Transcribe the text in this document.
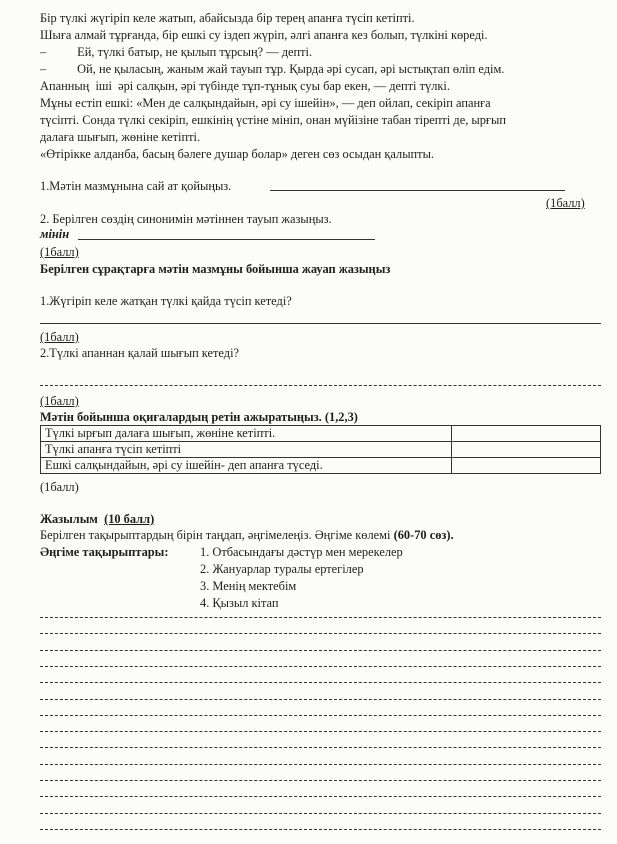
Бір түлкі жүгіріп келе жатып, абайсызда бір терең апанға түсіп кетіпті.
Шыға алмай тұрғанда, бір ешкі су іздеп жүріп, әлгі апанға кез болып, түлкіні көреді.
–          Ей, түлкі батыр, не қылып тұрсың? — депті.
–          Ой, не қыласың, жаным жай тауып тұр. Қырда әрі сусап, әрі ыстықтап өліп едім.
Апанның  іші  әрі салқын, әрі түбінде тұп-тұнық суы бар екен, — депті түлкі.
Мұны естіп ешкі: «Мен де салқындайын, әрі су ішейін», — деп ойлап, секіріп апанға
түсіпті. Сонда түлкі секіріп, ешкінің үстіне мініп, онан мүйізіне табан тірепті де, ырғып
далаға шығып, жөніне кетіпті.
«Өтірікке алданба, басың бәлеге душар болар» деген сөз осыдан қалыпты.
1.Мәтін мазмұнына сай ат қойыңыз.
(1балл)
2. Берілген сөздің синонимін мәтіннен тауып жазыңыз.
мінін
(1балл)
Берілген сұрақтарға мәтін мазмұны бойынша жауап жазыңыз
1.Жүгіріп келе жатқан түлкі қайда түсіп кетеді?
(1балл)
2.Түлкі апаннан қалай шығып кетеді?
(1балл)
Мәтін бойынша оқиғалардың ретін ажыратыңыз. (1,2,3)
Түлкі ырғып далаға шығып, жөніне кетіпті.	
Түлкі апанға түсіп кетіпті	
Ешкі салқындайын, әрі су ішейін- деп апанға түседі.	
(1балл)
Жазылым (10 балл)
Берілген тақырыптардың бірін таңдап, әңгімелеңіз. Әңгіме көлемі (60-70 сөз).
Әңгіме тақырыптары:	1. Отбасындағы дәстүр мен мерекелер
2. Жануарлар туралы ертегілер
3. Менің мектебім
4. Қызыл кітап
